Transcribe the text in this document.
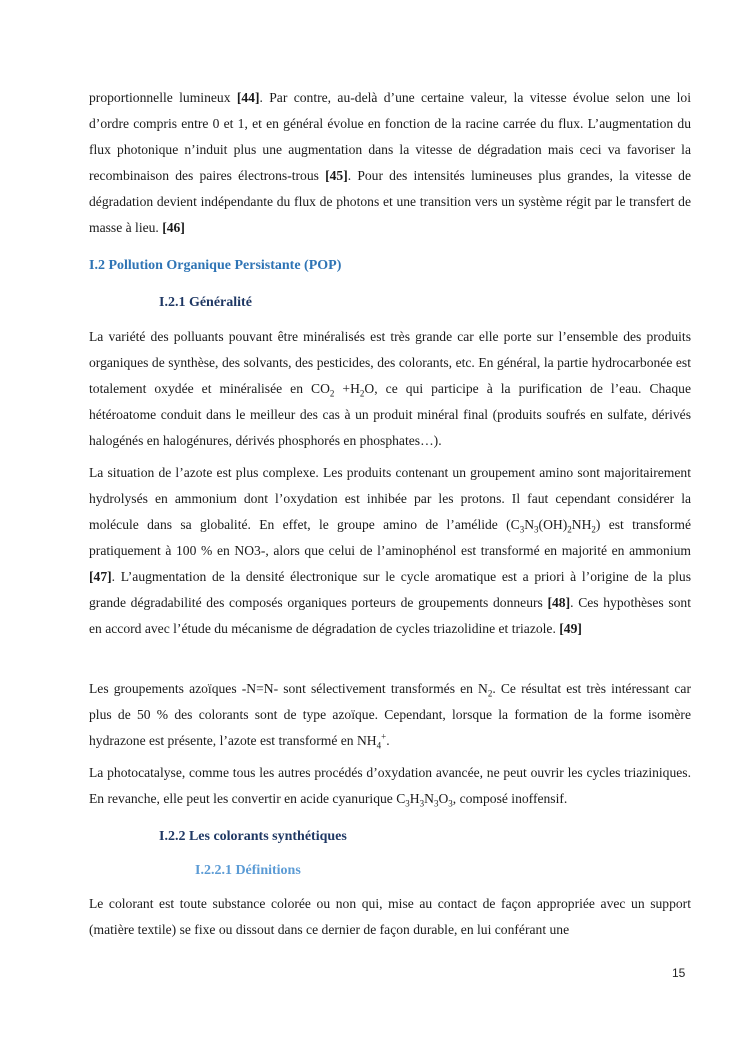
proportionnelle lumineux [44]. Par contre, au-delà d’une certaine valeur, la vitesse évolue selon une loi d’ordre compris entre 0 et 1, et en général évolue en fonction de la racine carrée du flux. L’augmentation du flux photonique n’induit plus une augmentation dans la vitesse de dégradation mais ceci va favoriser la recombinaison des paires électrons-trous [45]. Pour des intensités lumineuses plus grandes, la vitesse de dégradation devient indépendante du flux de photons et une transition vers un système régit par le transfert de masse à lieu. [46]

I.2 Pollution Organique Persistante (POP)
I.2.1 Généralité

La variété des polluants pouvant être minéralisés est très grande car elle porte sur l’ensemble des produits organiques de synthèse, des solvants, des pesticides, des colorants, etc. En général, la partie hydrocarbonée est totalement oxydée et minéralisée en $CO_2 +H_2O$, ce qui participe à la purification de l’eau. Chaque hétéroatome conduit dans le meilleur des cas à un produit minéral final (produits soufrés en sulfate, dérivés halogénés en halogénures, dérivés phosphorés en phosphates…).

La situation de l’azote est plus complexe. Les produits contenant un groupement amino sont majoritairement hydrolysés en ammonium dont l’oxydation est inhibée par les protons. Il faut cependant considérer la molécule dans sa globalité. En effet, le groupe amino de l’amélide $(C_3N_3(OH)_2NH_2)$ est transformé pratiquement à 100 % en NO3-, alors que celui de l’aminophénol est transformé en majorité en ammonium [47]. L’augmentation de la densité électronique sur le cycle aromatique est a priori à l’origine de la plus grande dégradabilité des composés organiques porteurs de groupements donneurs [48]. Ces hypothèses sont en accord avec l’étude du mécanisme de dégradation de cycles triazolidine et triazole. [49]

Les groupements azoïques -N=N- sont sélectivement transformés en $N_2$. Ce résultat est très intéressant car plus de 50 % des colorants sont de type azoïque. Cependant, lorsque la formation de la forme isomère hydrazone est présente, l’azote est transformé en $NH_4^+$.

La photocatalyse, comme tous les autres procédés d’oxydation avancée, ne peut ouvrir les cycles triaziniques. En revanche, elle peut les convertir en acide cyanurique $C_3H_3N_3O_3$, composé inoffensif.

I.2.2 Les colorants synthétiques
I.2.2.1 Définitions

Le colorant est toute substance colorée ou non qui, mise au contact de façon appropriée avec un support (matière textile) se fixe ou dissout dans ce dernier de façon durable, en lui conférant une

15
